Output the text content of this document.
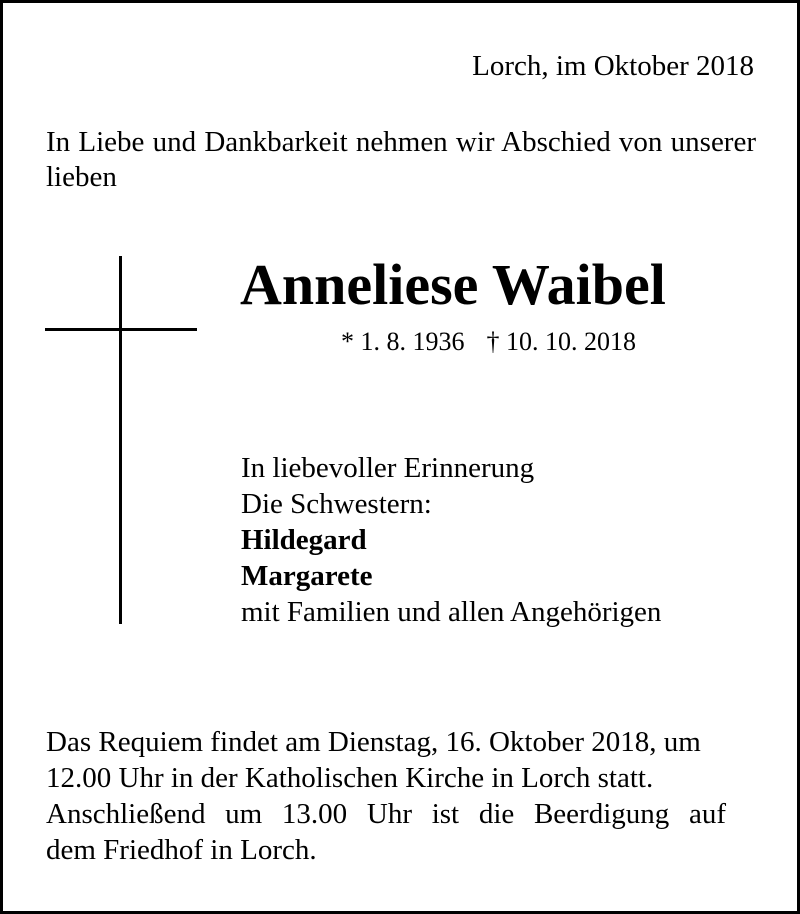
Lorch, im Oktober 2018
In Liebe und Dankbarkeit nehmen wir Abschied von unserer lieben
Anneliese Waibel
* 1. 8. 1936 † 10. 10. 2018
In liebevoller Erinnerung
Die Schwestern:
Hildegard
Margarete
mit Familien und allen Angehörigen
Das Requiem findet am Dienstag, 16. Oktober 2018, um
12.00 Uhr in der Katholischen Kirche in Lorch statt.
Anschließend um 13.00 Uhr ist die Beerdigung auf
dem Friedhof in Lorch.
